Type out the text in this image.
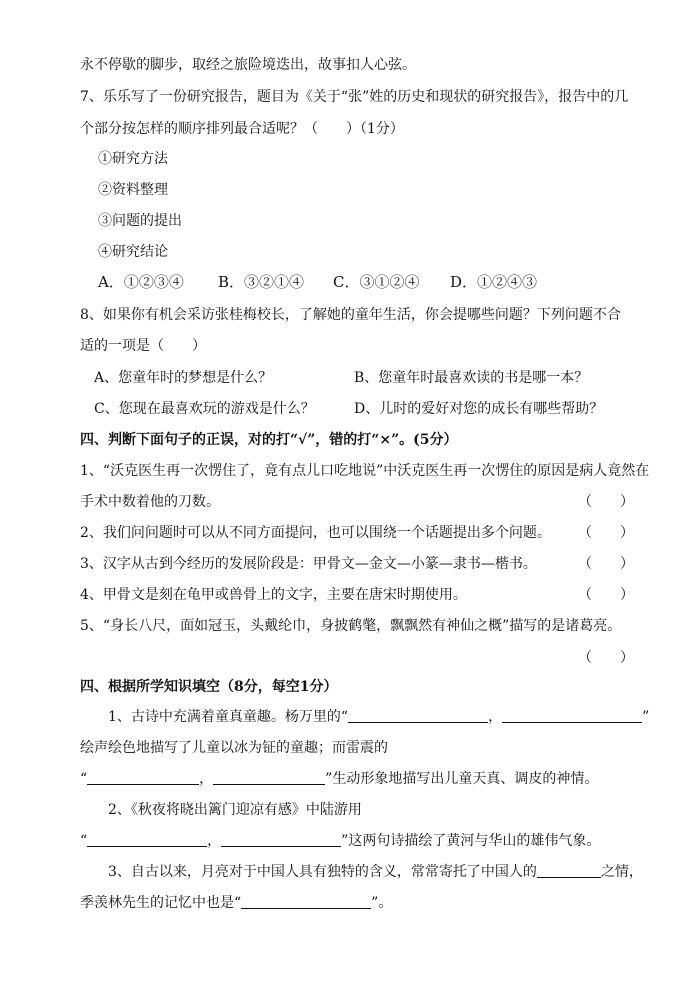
永不停歇的脚步，取经之旅险境迭出，故事扣人心弦。
7、乐乐写了一份研究报告，题目为《关于“张”姓的历史和现状的研究报告》，报告中的几
个部分按怎样的顺序排列最合适呢？（　　）（1分）
①研究方法
②资料整理
③问题的提出
④研究结论
A．①②③④ B．③②①④ C．③①②④ D．①②④③
8、如果你有机会采访张桂梅校长，了解她的童年生活，你会提哪些问题？下列问题不合
适的一项是（　　）
A、您童年时的梦想是什么？	B、您童年时最喜欢读的书是哪一本？
C、您现在最喜欢玩的游戏是什么？	D、儿时的爱好对您的成长有哪些帮助？
四、判断下面句子的正误，对的打“√”，错的打“×”。(5分）
1、“沃克医生再一次愣住了，竟有点儿口吃地说”中沃克医生再一次愣住的原因是病人竟然在
手术中数着他的刀数。	（　　）
2、我们问问题时可以从不同方面提问，也可以围绕一个话题提出多个问题。 （　　）
3、汉字从古到今经历的发展阶段是：甲骨文—金文—小篆—隶书—楷书。	（　　）
4、甲骨文是刻在龟甲或兽骨上的文字，主要在唐宋时期使用。	（　　）
5、“身长八尺，面如冠玉，头戴纶巾，身披鹤氅，飘飘然有神仙之概”描写的是诸葛亮。
（　　）
四、根据所学知识填空（8分，每空1分）
1、古诗中充满着童真童趣。杨万里的“	，	”
绘声绘色地描写了儿童以冰为钲的童趣；而雷震的
“	，	”生动形象地描写出儿童天真、调皮的神情。
2、《秋夜将晓出篱门迎凉有感》中陆游用
“	，	”这两句诗描绘了黄河与华山的雄伟气象。
3、自古以来，月亮对于中国人具有独特的含义，常常寄托了中国人的	之情，
季羡林先生的记忆中也是“	”。
